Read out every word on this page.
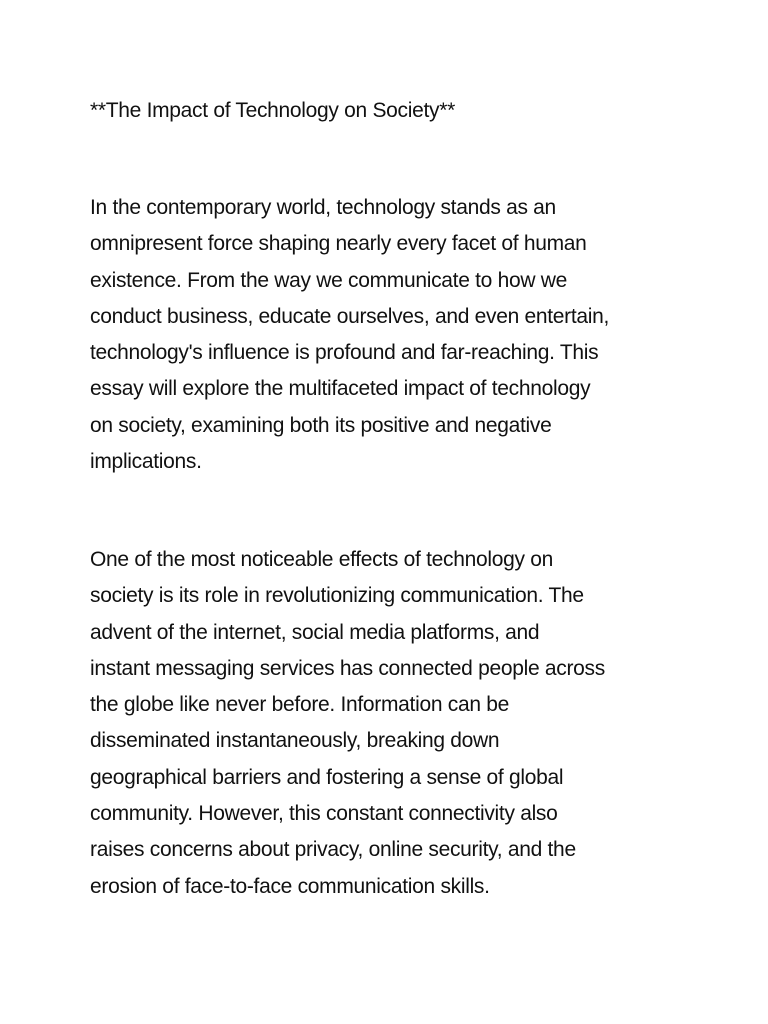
**The Impact of Technology on Society**

In the contemporary world, technology stands as an
omnipresent force shaping nearly every facet of human
existence. From the way we communicate to how we
conduct business, educate ourselves, and even entertain,
technology's influence is profound and far-reaching. This
essay will explore the multifaceted impact of technology
on society, examining both its positive and negative
implications.

One of the most noticeable effects of technology on
society is its role in revolutionizing communication. The
advent of the internet, social media platforms, and
instant messaging services has connected people across
the globe like never before. Information can be
disseminated instantaneously, breaking down
geographical barriers and fostering a sense of global
community. However, this constant connectivity also
raises concerns about privacy, online security, and the
erosion of face-to-face communication skills.
